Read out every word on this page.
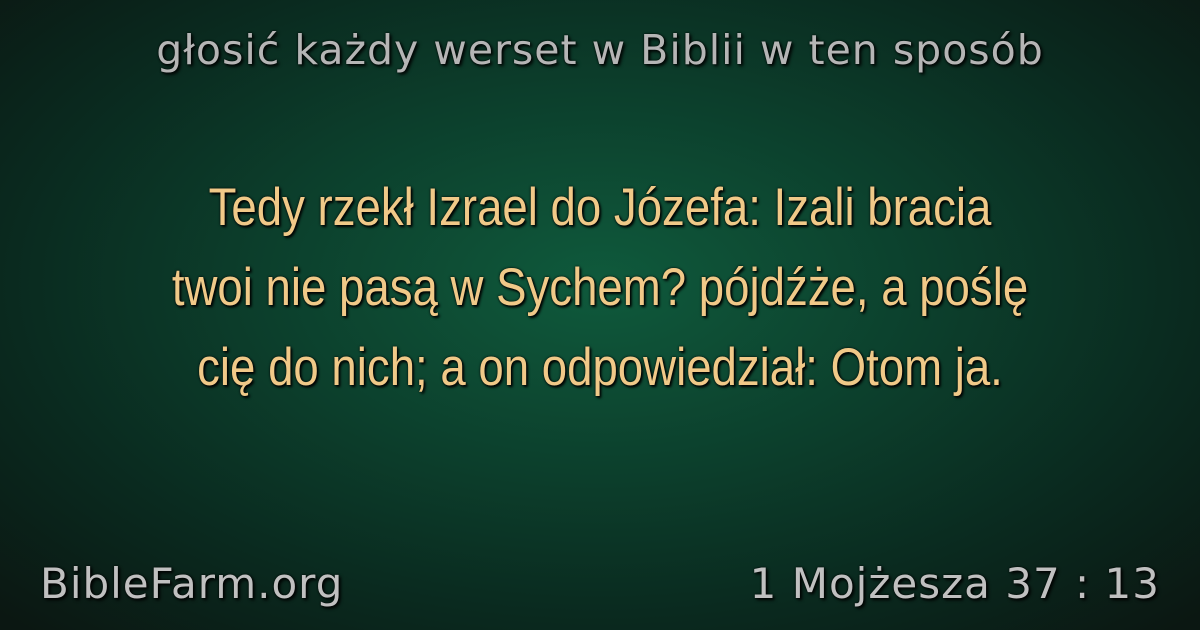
głosić każdy werset w Biblii w ten sposób
Tedy rzekł Izrael do Józefa: Izali bracia
twoi nie pasą w Sychem? pójdźże, a poślę
cię do nich; a on odpowiedział: Otom ja.
BibleFarm.org	1 Mojżesza 37 : 13
